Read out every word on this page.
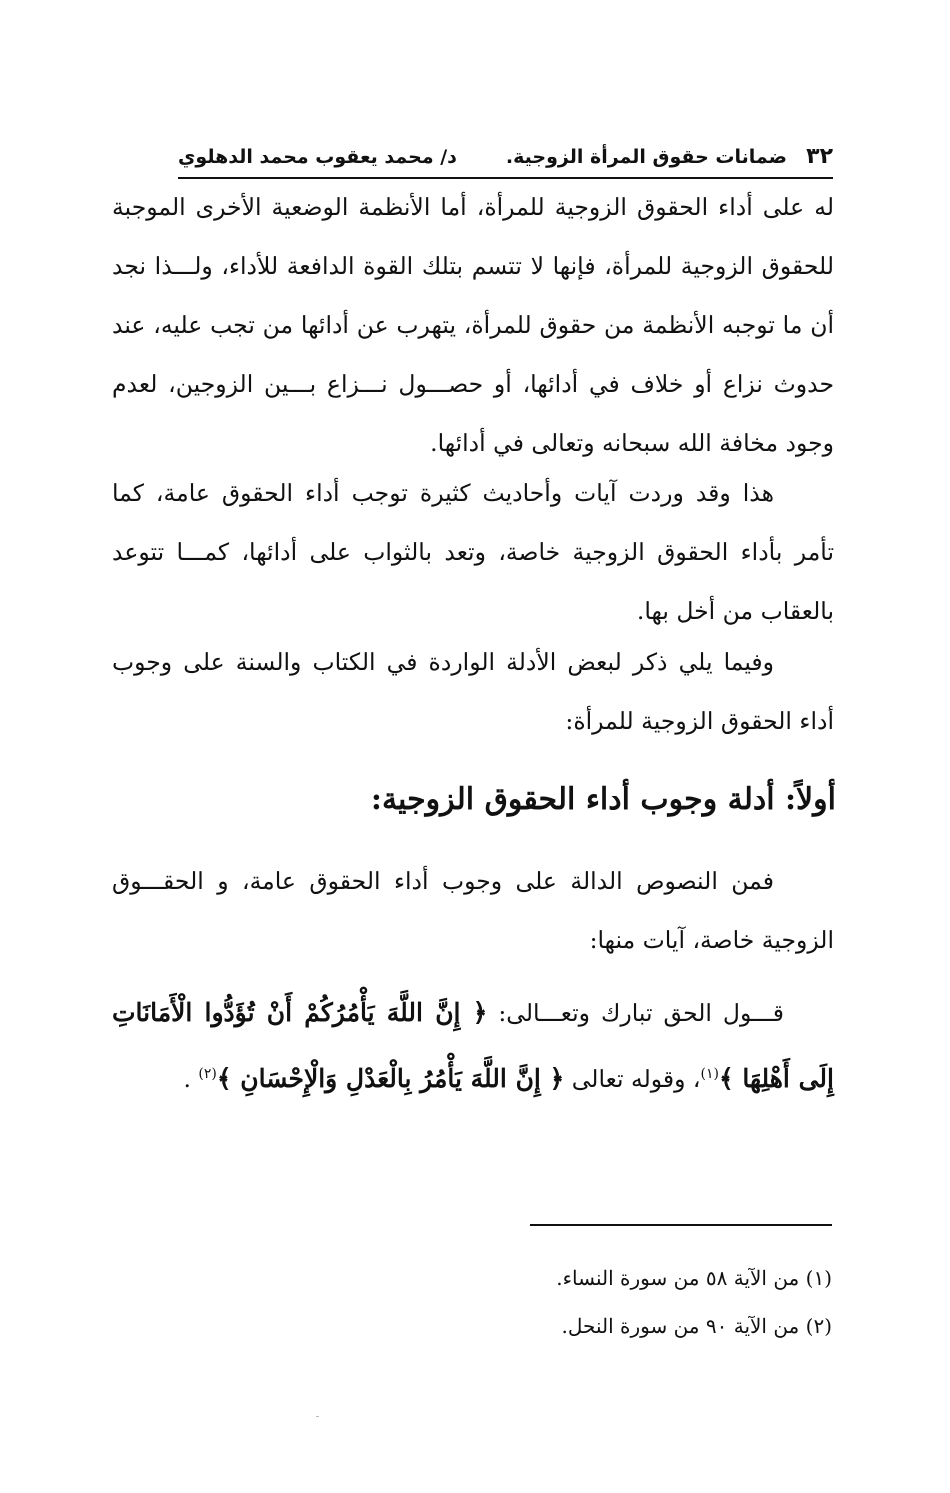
٣٢
ضمانات حقوق المرأة الزوجية.
د/ محمد يعقوب محمد الدهلوي

له على أداء الحقوق الزوجية للمرأة، أما الأنظمة الوضعية الأخرى الموجبة للحقوق الزوجية للمرأة، فإنها لا تتسم بتلك القوة الدافعة للأداء، ولـــذا نجد أن ما توجبه الأنظمة من حقوق للمرأة، يتهرب عن أدائها من تجب عليه، عند حدوث نزاع أو خلاف في أدائها، أو حصـــول نـــزاع بـــين الزوجين، لعدم وجود مخافة الله سبحانه وتعالى في أدائها.

هذا وقد وردت آيات وأحاديث كثيرة توجب أداء الحقوق عامة، كما تأمر بأداء الحقوق الزوجية خاصة، وتعد بالثواب على أدائها، كمـــا تتوعد بالعقاب من أخل بها.

وفيما يلي ذكر لبعض الأدلة الواردة في الكتاب والسنة على وجوب أداء الحقوق الزوجية للمرأة:

أولاً: أدلة وجوب أداء الحقوق الزوجية:

فمن النصوص الدالة على وجوب أداء الحقوق عامة، و الحقـــوق الزوجية خاصة، آيات منها:

قـــول الحق تبارك وتعـــالى: ﴿ إِنَّ اللَّهَ يَأْمُرُكُمْ أَنْ تُؤَدُّوا الْأَمَانَاتِ إِلَى أَهْلِهَا ﴾$^{(١)}$، وقوله تعالى ﴿ إِنَّ اللَّهَ يَأْمُرُ بِالْعَدْلِ وَالْإِحْسَانِ ﴾$^{(٢)}$ .

(١) من الآية ٥٨ من سورة النساء.

(٢) من الآية ٩٠ من سورة النحل.
